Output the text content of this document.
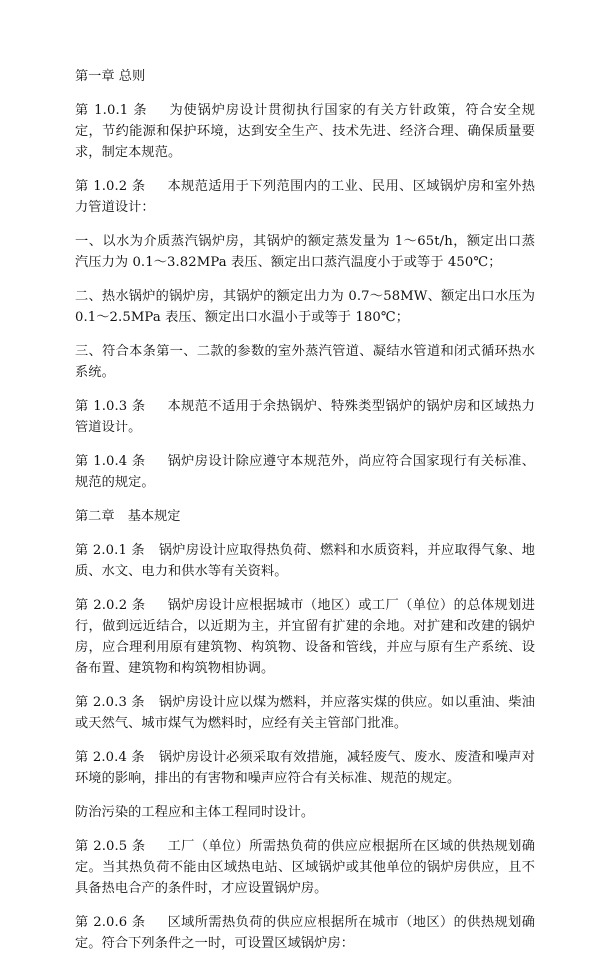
第一章 总则

第 1.0.1 条 为使锅炉房设计贯彻执行国家的有关方针政策，符合安全规定，节约能源和保护环境，达到安全生产、技术先进、经济合理、确保质量要求，制定本规范。

第 1.0.2 条 本规范适用于下列范围内的工业、民用、区域锅炉房和室外热力管道设计：

一、以水为介质蒸汽锅炉房，其锅炉的额定蒸发量为 1～65t/h，额定出口蒸汽压力为 0.1～3.82MPa 表压、额定出口蒸汽温度小于或等于 450℃；

二、热水锅炉的锅炉房，其锅炉的额定出力为 0.7～58MW、额定出口水压为 0.1～2.5MPa 表压、额定出口水温小于或等于 180℃；

三、符合本条第一、二款的参数的室外蒸汽管道、凝结水管道和闭式循环热水系统。

第 1.0.3 条 本规范不适用于余热锅炉、特殊类型锅炉的锅炉房和区域热力管道设计。

第 1.0.4 条 锅炉房设计除应遵守本规范外，尚应符合国家现行有关标准、规范的规定。

第二章　基本规定

第 2.0.1 条 锅炉房设计应取得热负荷、燃料和水质资料，并应取得气象、地质、水文、电力和供水等有关资料。

第 2.0.2 条 锅炉房设计应根据城市（地区）或工厂（单位）的总体规划进行，做到远近结合，以近期为主，并宜留有扩建的余地。对扩建和改建的锅炉房，应合理利用原有建筑物、构筑物、设备和管线，并应与原有生产系统、设备布置、建筑物和构筑物相协调。

第 2.0.3 条 锅炉房设计应以煤为燃料，并应落实煤的供应。如以重油、柴油或天然气、城市煤气为燃料时，应经有关主管部门批准。

第 2.0.4 条 锅炉房设计必须采取有效措施，减轻废气、废水、废渣和噪声对环境的影响，排出的有害物和噪声应符合有关标准、规范的规定。

防治污染的工程应和主体工程同时设计。

第 2.0.5 条 工厂（单位）所需热负荷的供应应根据所在区域的供热规划确定。当其热负荷不能由区域热电站、区域锅炉或其他单位的锅炉房供应，且不具备热电合产的条件时，才应设置锅炉房。

第 2.0.6 条 区域所需热负荷的供应应根据所在城市（地区）的供热规划确定。符合下列条件之一时，可设置区域锅炉房：
